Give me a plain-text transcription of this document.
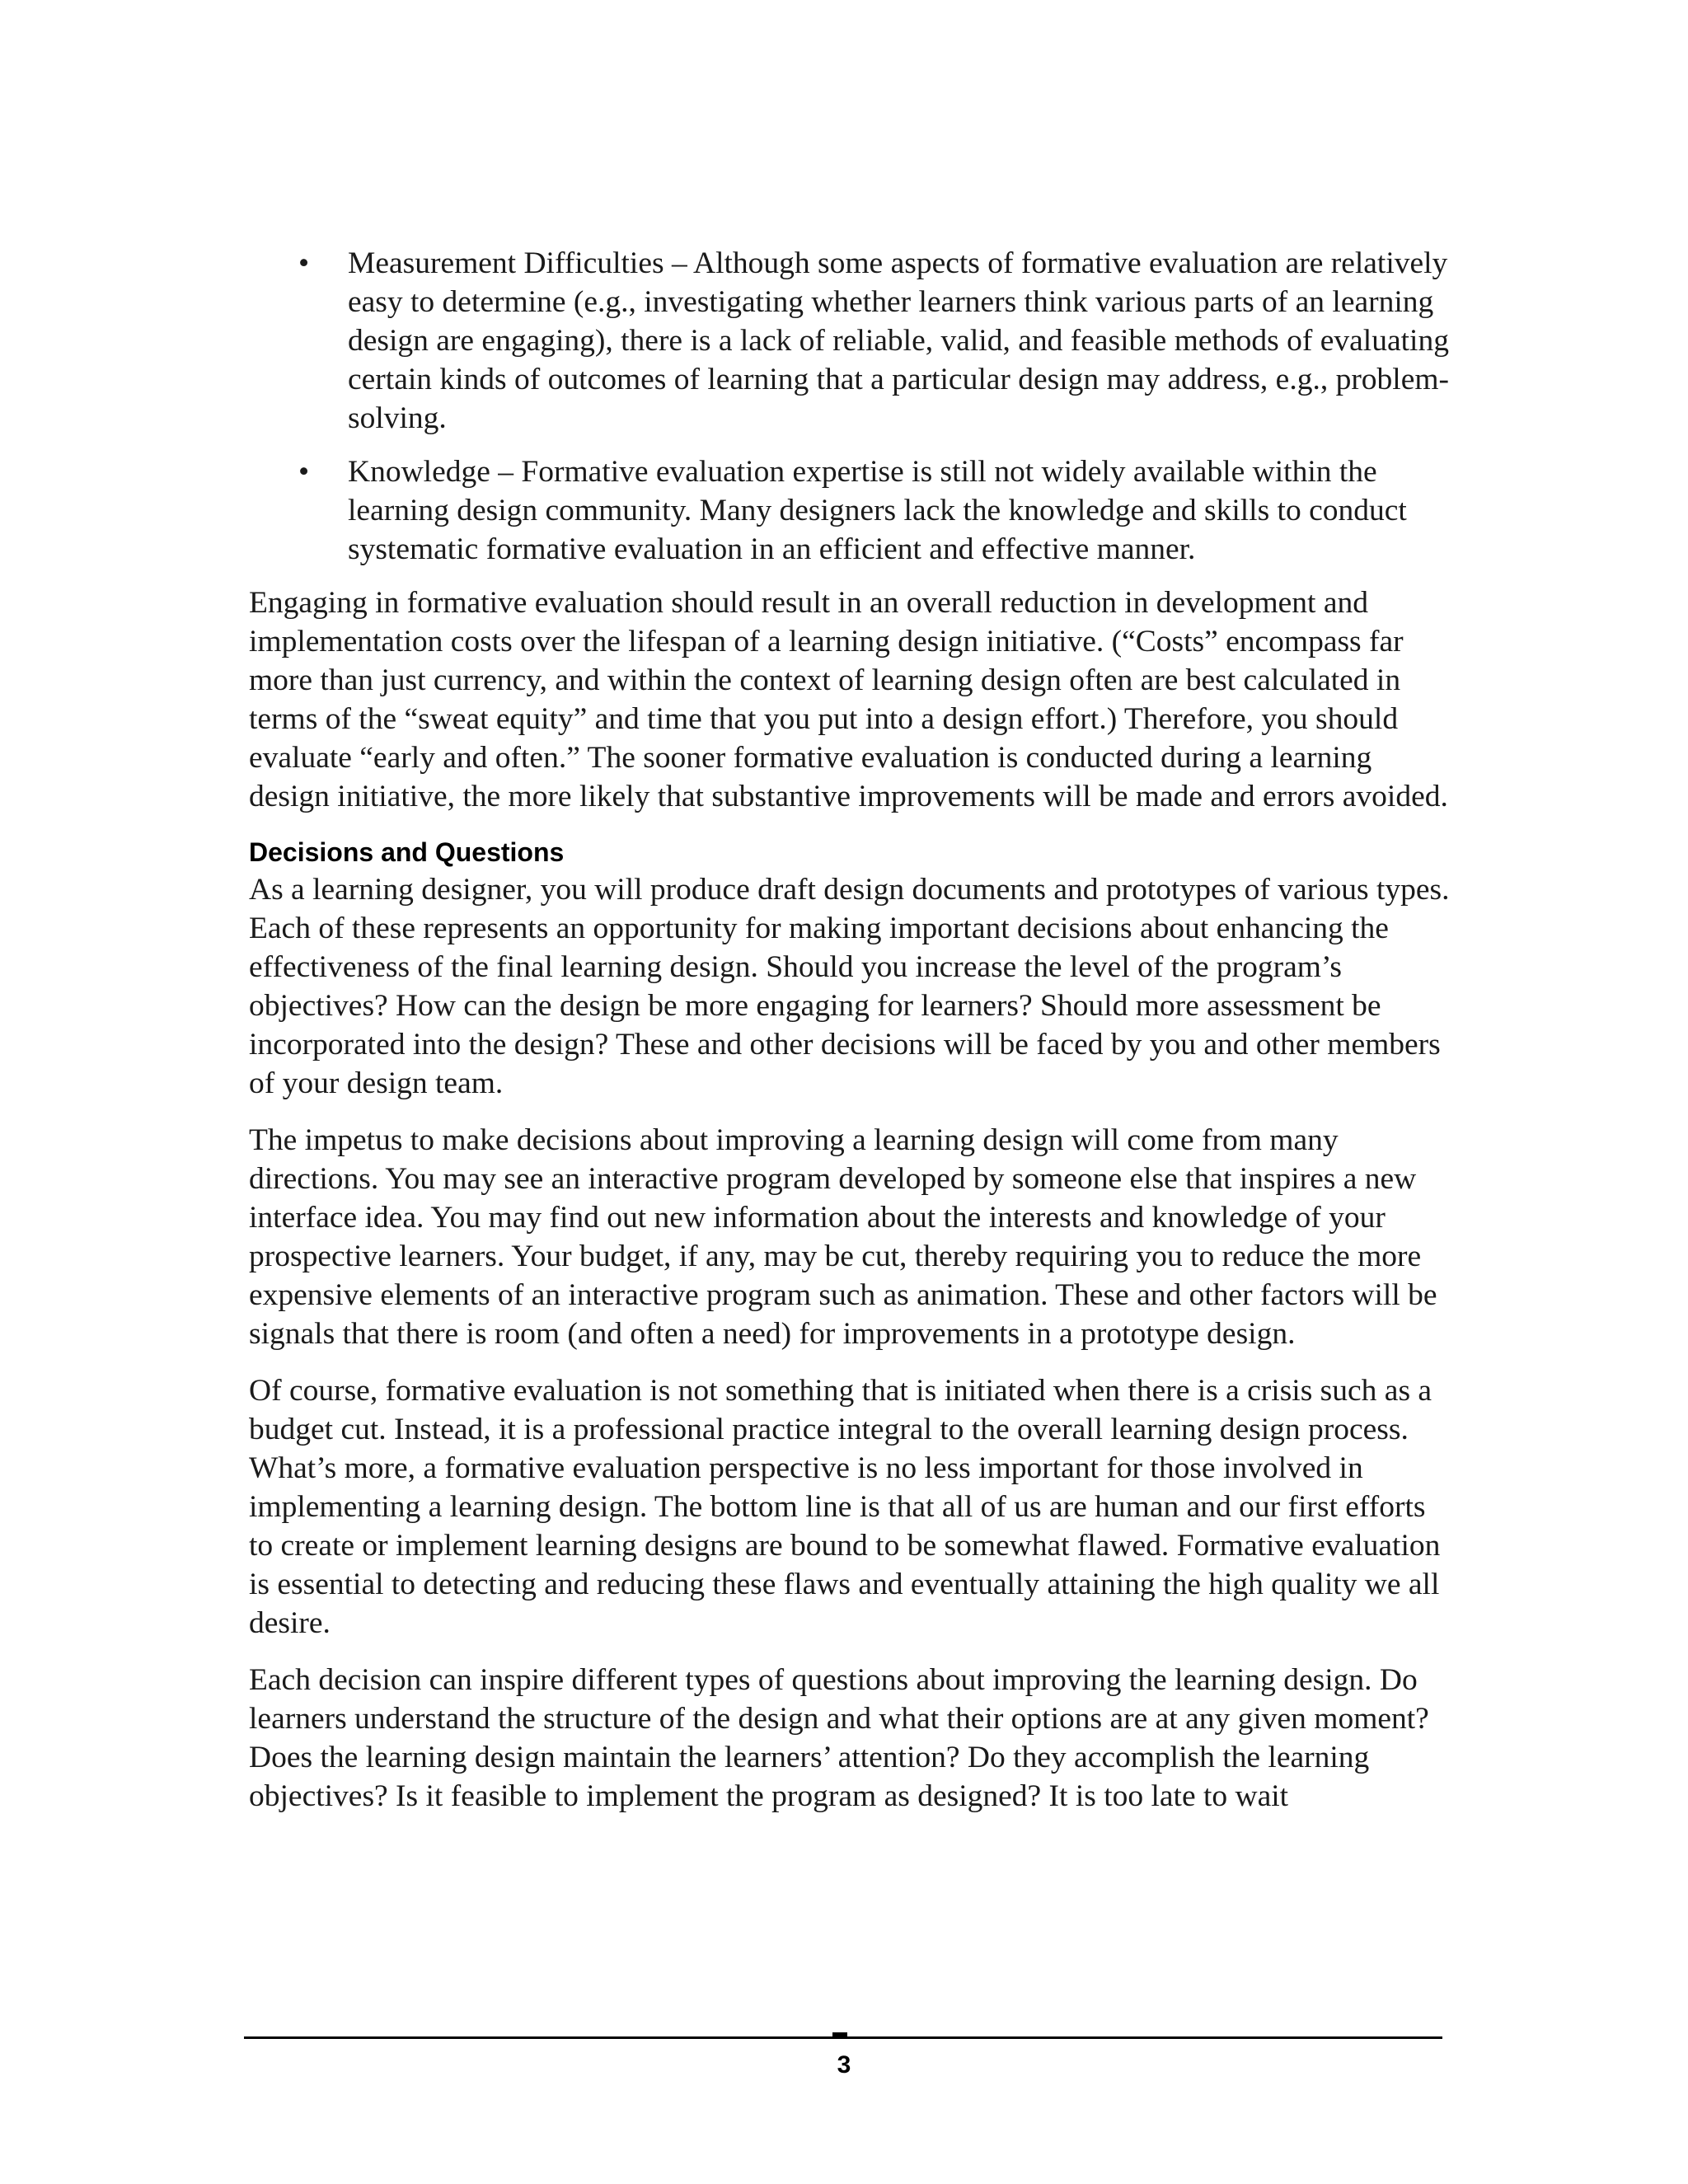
• Measurement Difficulties – Although some aspects of formative evaluation are relatively easy to determine (e.g., investigating whether learners think various parts of an learning design are engaging), there is a lack of reliable, valid, and feasible methods of evaluating certain kinds of outcomes of learning that a particular design may address, e.g., problem-solving.
• Knowledge – Formative evaluation expertise is still not widely available within the learning design community. Many designers lack the knowledge and skills to conduct systematic formative evaluation in an efficient and effective manner.

Engaging in formative evaluation should result in an overall reduction in development and implementation costs over the lifespan of a learning design initiative. (“Costs” encompass far more than just currency, and within the context of learning design often are best calculated in terms of the “sweat equity” and time that you put into a design effort.) Therefore, you should evaluate “early and often.” The sooner formative evaluation is conducted during a learning design initiative, the more likely that substantive improvements will be made and errors avoided.

Decisions and Questions

As a learning designer, you will produce draft design documents and prototypes of various types. Each of these represents an opportunity for making important decisions about enhancing the effectiveness of the final learning design. Should you increase the level of the program’s objectives? How can the design be more engaging for learners? Should more assessment be incorporated into the design? These and other decisions will be faced by you and other members of your design team.

The impetus to make decisions about improving a learning design will come from many directions. You may see an interactive program developed by someone else that inspires a new interface idea. You may find out new information about the interests and knowledge of your prospective learners. Your budget, if any, may be cut, thereby requiring you to reduce the more expensive elements of an interactive program such as animation. These and other factors will be signals that there is room (and often a need) for improvements in a prototype design.

Of course, formative evaluation is not something that is initiated when there is a crisis such as a budget cut. Instead, it is a professional practice integral to the overall learning design process. What’s more, a formative evaluation perspective is no less important for those involved in implementing a learning design. The bottom line is that all of us are human and our first efforts to create or implement learning designs are bound to be somewhat flawed. Formative evaluation is essential to detecting and reducing these flaws and eventually attaining the high quality we all desire.

Each decision can inspire different types of questions about improving the learning design. Do learners understand the structure of the design and what their options are at any given moment? Does the learning design maintain the learners’ attention? Do they accomplish the learning objectives? Is it feasible to implement the program as designed? It is too late to wait

3
